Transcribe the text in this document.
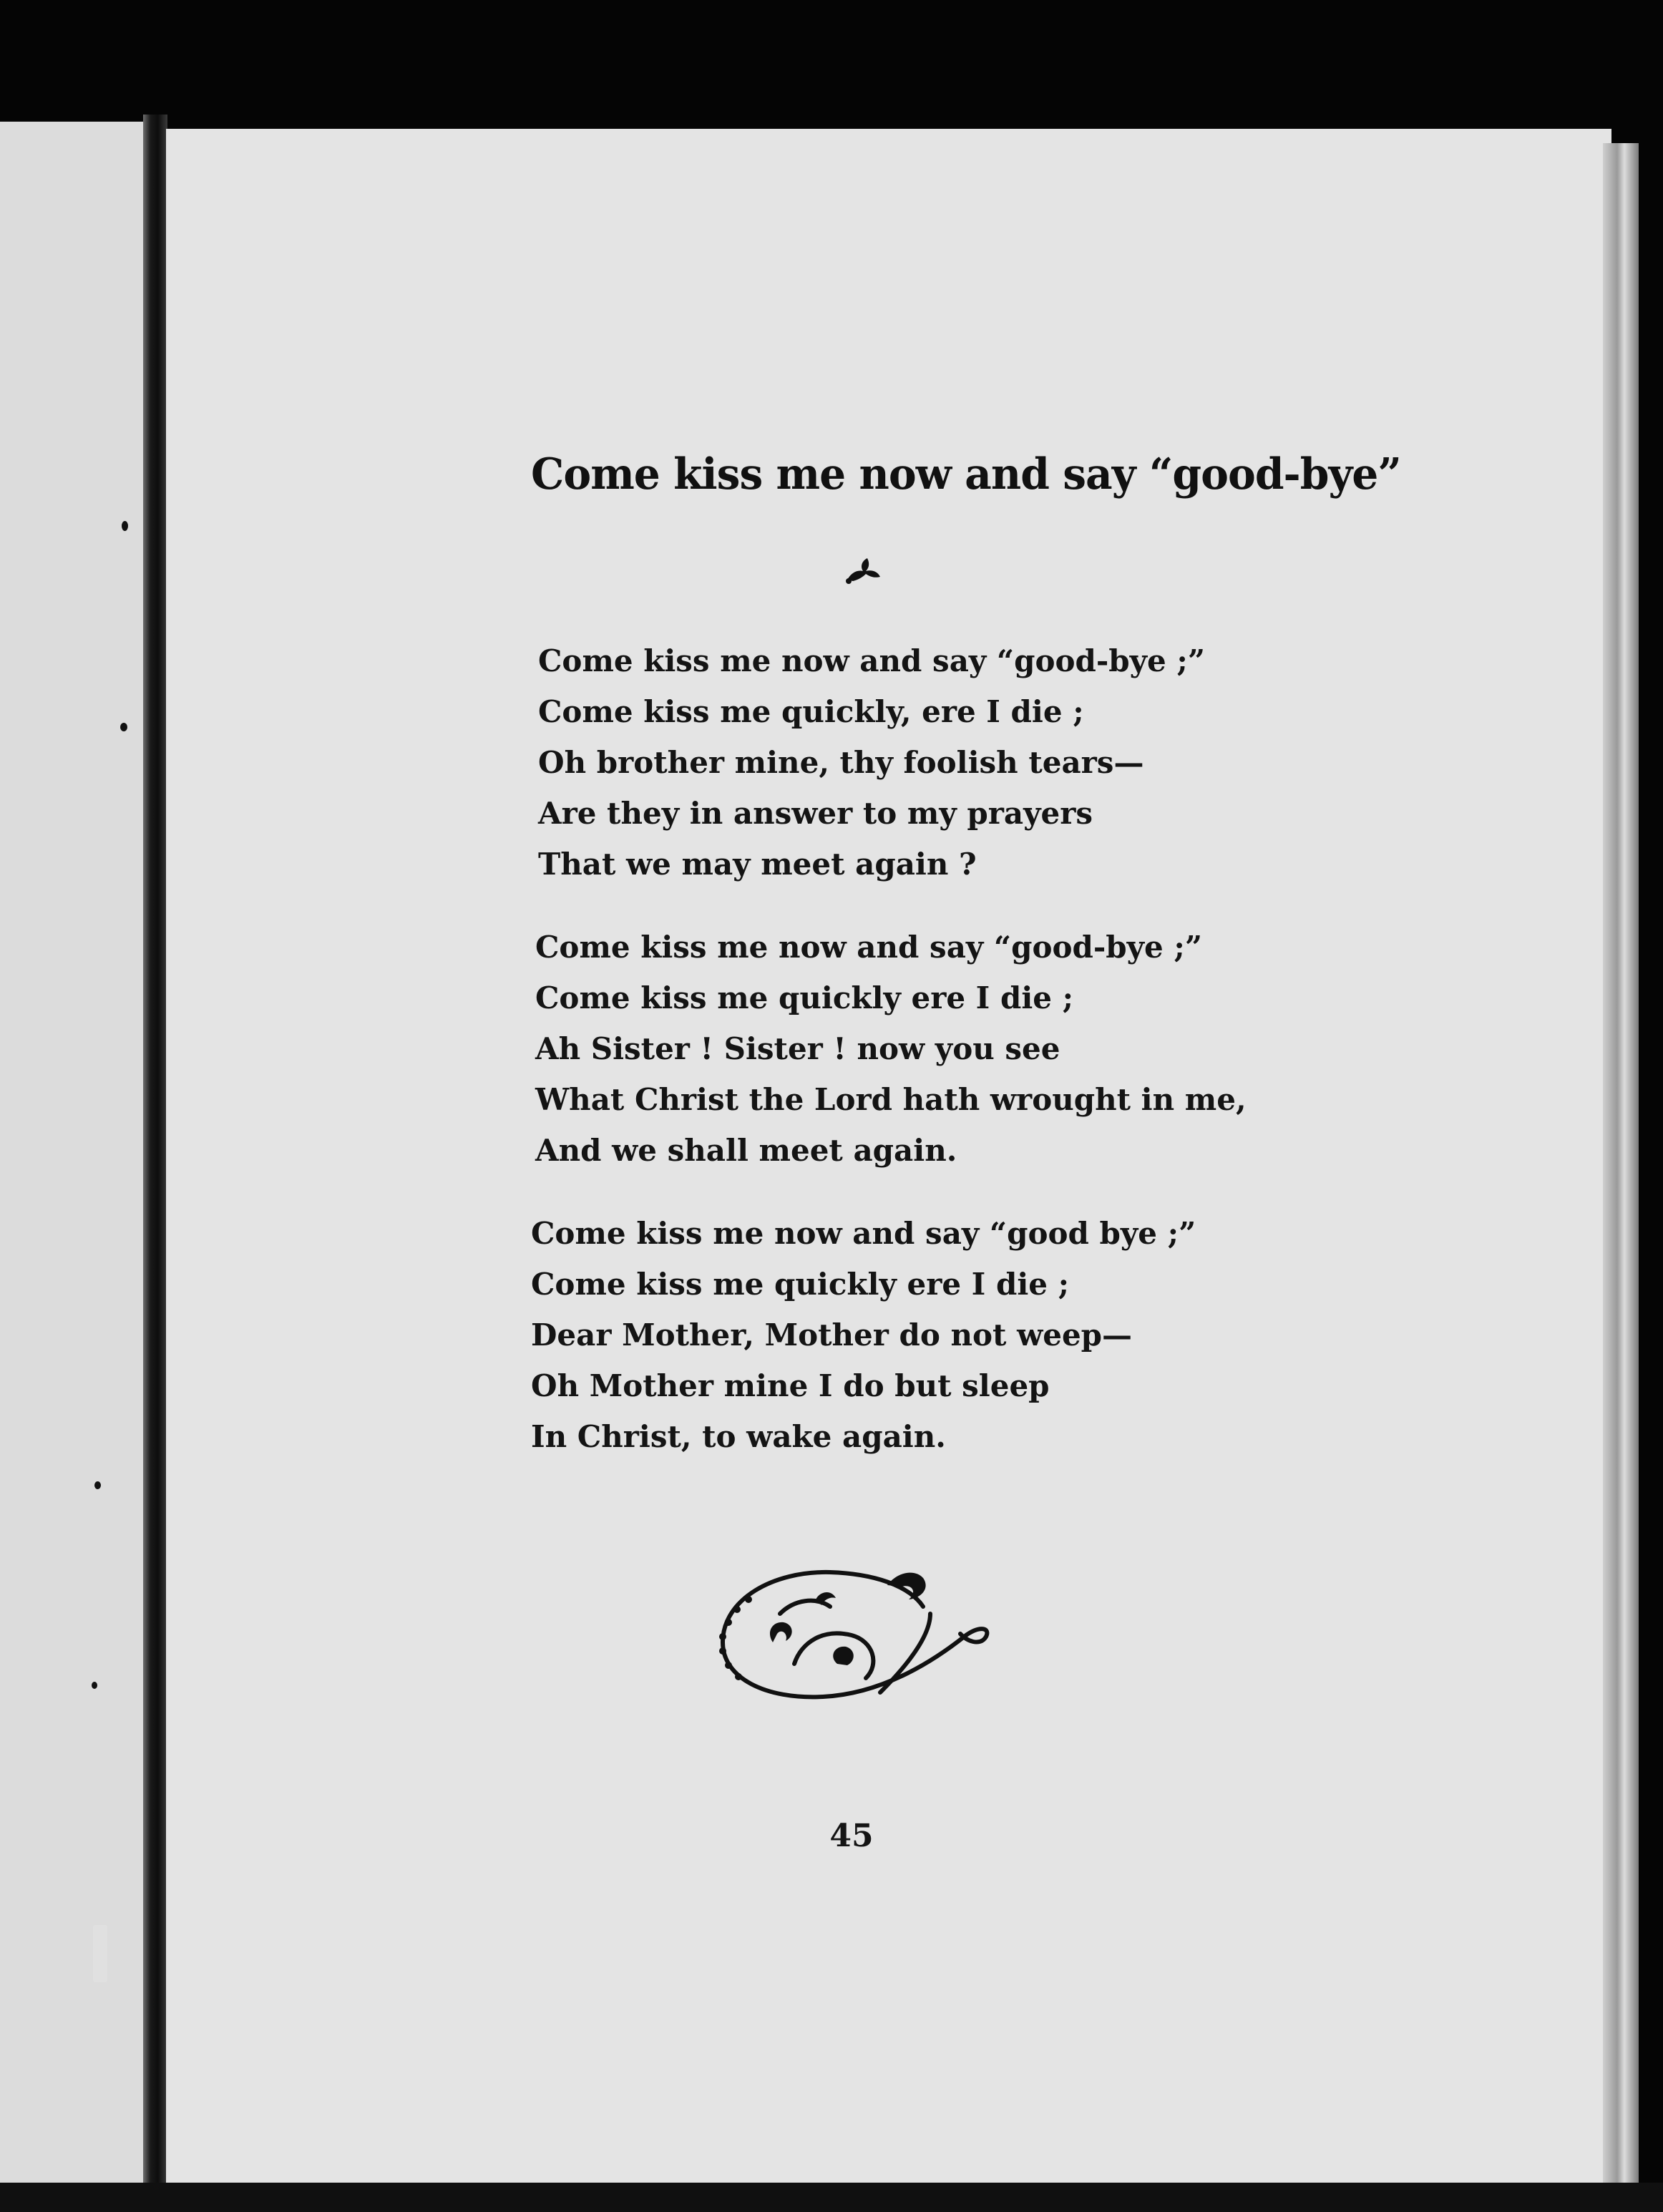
Come kiss me now and say “good-bye”
Come kiss me now and say “good-bye ;”
Come kiss me quickly, ere I die ;
Oh brother mine, thy foolish tears—
Are they in answer to my prayers
That we may meet again ?
Come kiss me now and say “good-bye ;”
Come kiss me quickly ere I die ;
Ah Sister ! Sister ! now you see
What Christ the Lord hath wrought in me,
And we shall meet again.
Come kiss me now and say “good bye ;”
Come kiss me quickly ere I die ;
Dear Mother, Mother do not weep—
Oh Mother mine I do but sleep
In Christ, to wake again.
45
